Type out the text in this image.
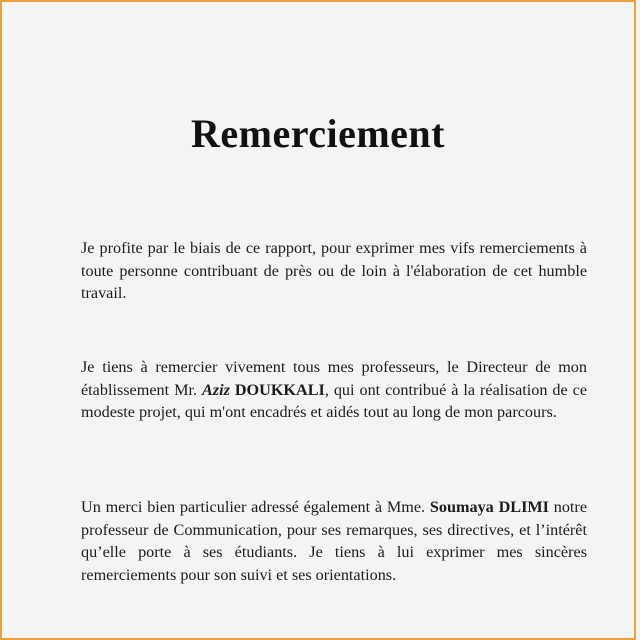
Remerciement

Je profite par le biais de ce rapport, pour exprimer mes vifs remerciements à toute personne contribuant de près ou de loin à l'élaboration de cet humble travail.

Je tiens à remercier vivement tous mes professeurs, le Directeur de mon établissement Mr. Aziz DOUKKALI, qui ont contribué à la réalisation de ce modeste projet, qui m'ont encadrés et aidés tout au long de mon parcours.

Un merci bien particulier adressé également à Mme. Soumaya DLIMI notre professeur de Communication, pour ses remarques, ses directives, et l’intérêt qu’elle porte à ses étudiants. Je tiens à lui exprimer mes sincères remerciements pour son suivi et ses orientations.
